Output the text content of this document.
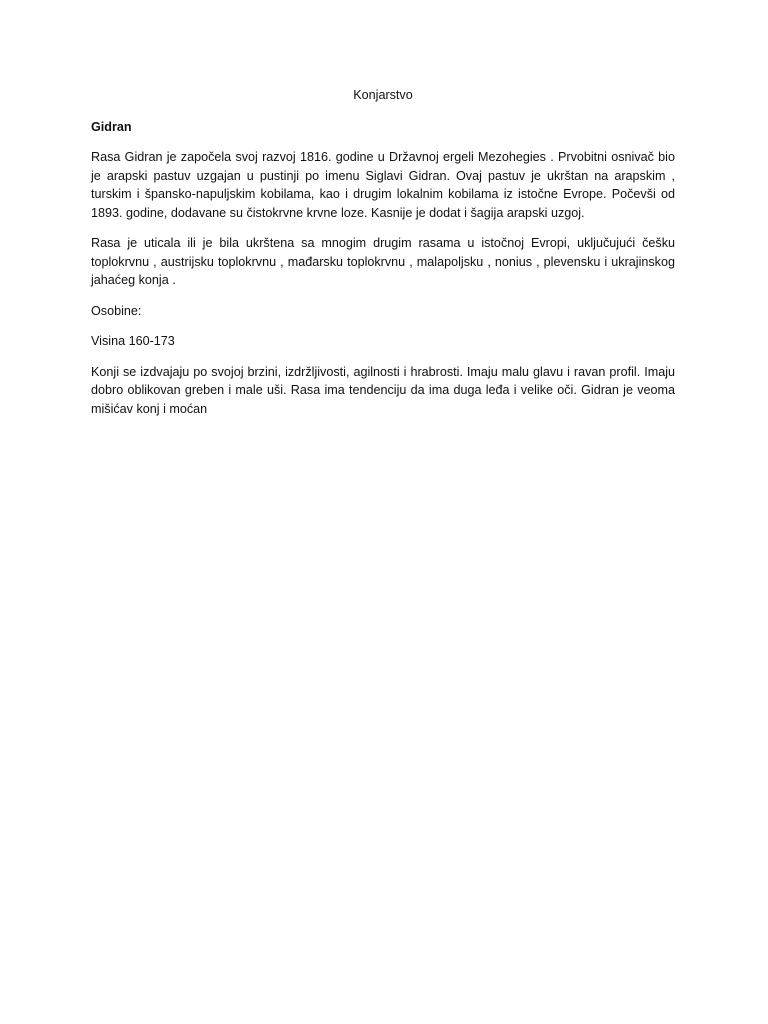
Konjarstvo
Gidran

Rasa Gidran je započela svoj razvoj 1816. godine u Državnoj ergeli Mezohegies . Prvobitni osnivač bio je arapski pastuv uzgajan u pustinji po imenu Siglavi Gidran. Ovaj pastuv je ukrštan na arapskim , turskim i špansko-napuljskim kobilama, kao i drugim lokalnim kobilama iz istočne Evrope. Počevši od 1893. godine, dodavane su čistokrvne krvne loze. Kasnije je dodat i šagija arapski uzgoj.

Rasa je uticala ili je bila ukrštena sa mnogim drugim rasama u istočnoj Evropi, uključujući češku toplokrvnu , austrijsku toplokrvnu , mađarsku toplokrvnu , malapoljsku , nonius , plevensku i ukrajinskog jahaćeg konja .

Osobine:

Visina 160-173

Konji se izdvajaju po svojoj brzini, izdržljivosti, agilnosti i hrabrosti. Imaju malu glavu i ravan profil. Imaju dobro oblikovan greben i male uši. Rasa ima tendenciju da ima duga leđa i velike oči. Gidran je veoma mišićav konj i moćan
